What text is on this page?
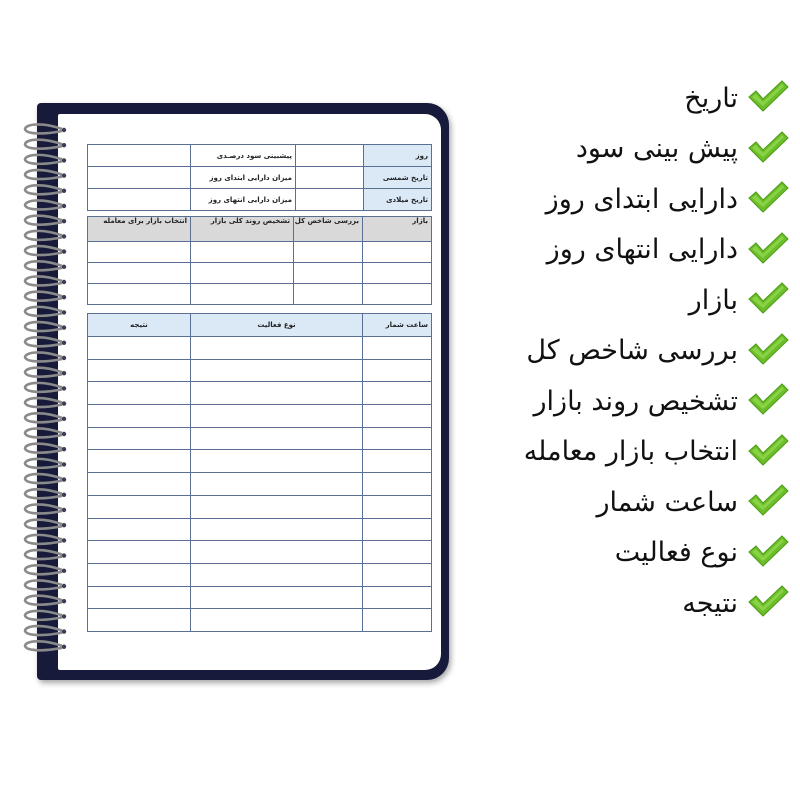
روز		پیشبینی سود درصـدی	
تاریخ شمسی		میزان دارایی ابتدای روز	
تاریخ میلادی		میزان دارایی انتهای روز	
بازار	بررسی شاخص کل	تشخیص روند کلی بازار	انتخاب بازار برای معامله

ساعت شمار	نوع فعالیت	نتیجه

تاریخ
پیش بینی سود
دارایی ابتدای روز
دارایی انتهای روز
بازار
بررسی شاخص کل
تشخیص روند بازار
انتخاب بازار معامله
ساعت شمار
نوع فعالیت
نتیجه
